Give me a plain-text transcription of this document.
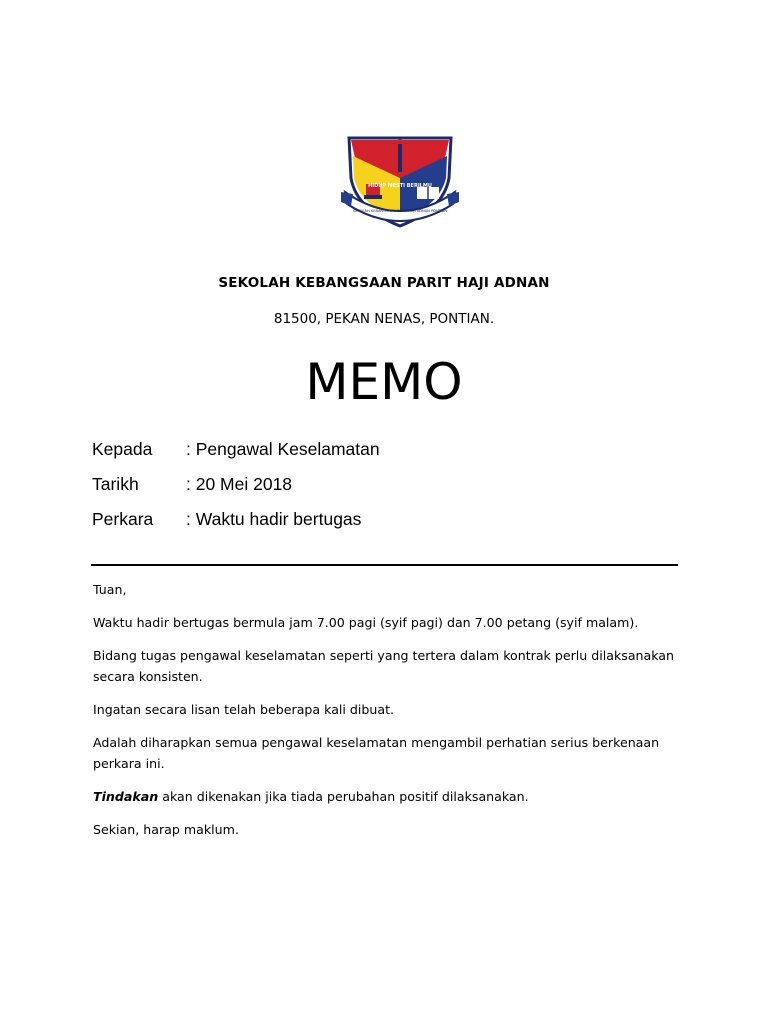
HIDUP MESTI BERILMU
SEKOLAH KEBANGSAAN PARIT HAJI ADNAN PONTIAN
SEKOLAH KEBANGSAAN PARIT HAJI ADNAN
81500, PEKAN NENAS, PONTIAN.
MEMO
Kepada : Pengawal Keselamatan
Tarikh	: 20 Mei 2018
Perkara : Waktu hadir bertugas

Tuan,

Waktu hadir bertugas bermula jam 7.00 pagi (syif pagi) dan 7.00 petang (syif malam).

Bidang tugas pengawal keselamatan seperti yang tertera dalam kontrak perlu dilaksanakan secara konsisten.

Ingatan secara lisan telah beberapa kali dibuat.

Adalah diharapkan semua pengawal keselamatan mengambil perhatian serius berkenaan perkara ini.

Tindakan akan dikenakan jika tiada perubahan positif dilaksanakan.

Sekian, harap maklum.
